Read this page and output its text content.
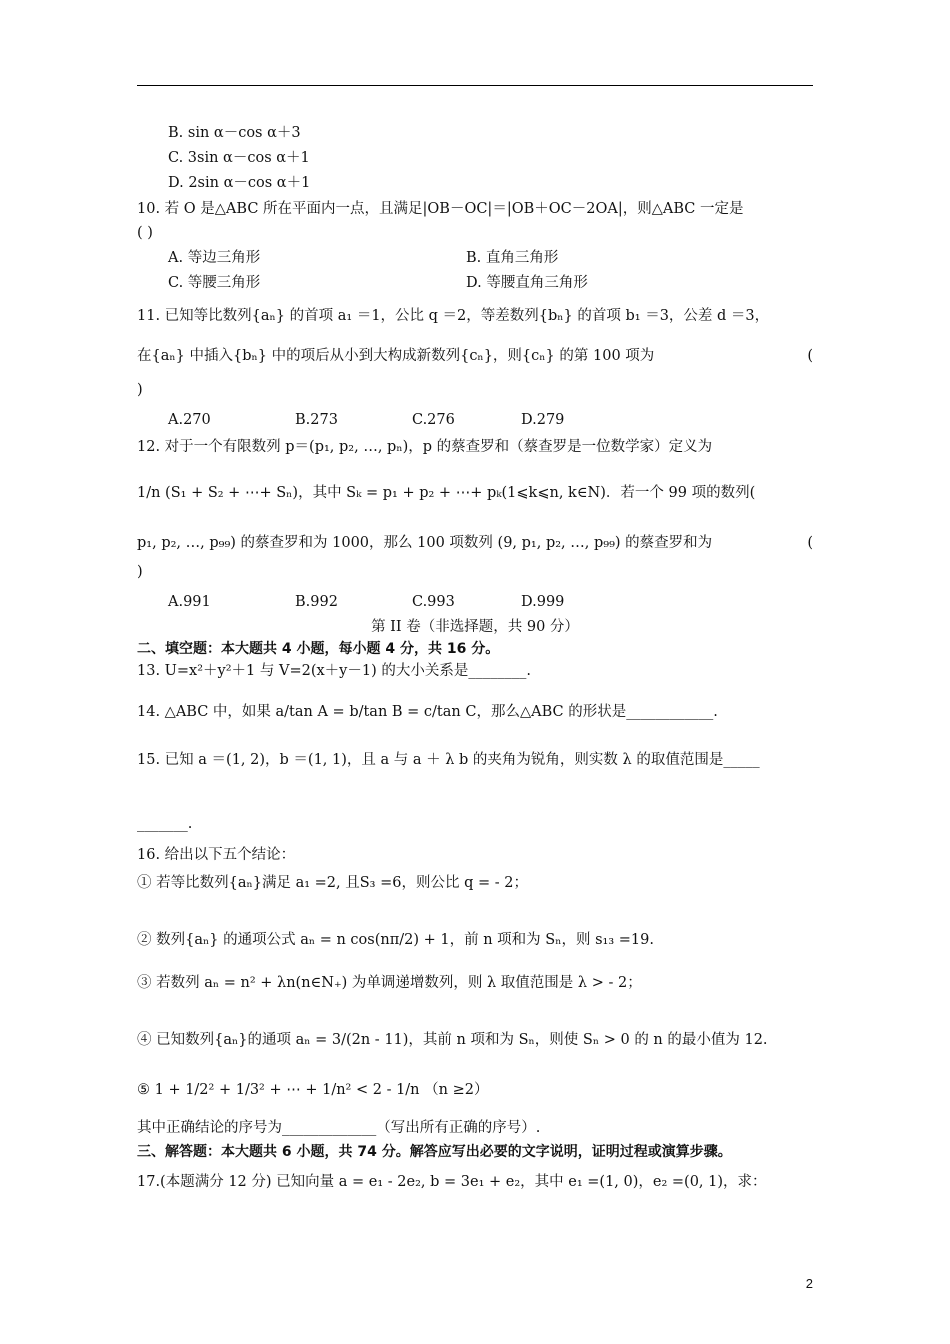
B. sin α－cos α＋3
C. 3sin α－cos α＋1
D. 2sin α－cos α＋1
10. 若 O 是△ABC 所在平面内一点，且满足|OB－OC|＝|OB＋OC－2OA|，则△ABC 一定是
( )
A. 等边三角形	B. 直角三角形
C. 等腰三角形	D. 等腰直角三角形
11. 已知等比数列{aₙ} 的首项 a₁ ＝1，公比 q ＝2，等差数列{bₙ} 的首项 b₁ ＝3，公差 d ＝3，
在{aₙ} 中插入{bₙ} 中的项后从小到大构成新数列{cₙ}，则{cₙ} 的第 100 项为	(
)
A.270	B.273	C.276	D.279
12. 对于一个有限数列 p＝(p₁, p₂, …, pₙ)，p 的蔡查罗和（蔡查罗是一位数学家）定义为
1/n (S₁ + S₂ + ⋯+ Sₙ)，其中 Sₖ = p₁ + p₂ + ⋯+ pₖ(1⩽k⩽n, k∈N)．若一个 99 项的数列(
p₁, p₂, …, p₉₉) 的蔡查罗和为 1000，那么 100 项数列 (9, p₁, p₂, …, p₉₉) 的蔡查罗和为	(
)
A.991	B.992	C.993	D.999
第 II 卷（非选择题，共 90 分）
二、填空题：本大题共 4 小题，每小题 4 分，共 16 分。
13. U=x²＋y²＋1 与 V=2(x＋y－1) 的大小关系是________.
14. △ABC 中，如果 a/tan A = b/tan B = c/tan C，那么△ABC 的形状是____________.
15. 已知 a ＝(1, 2)，b ＝(1, 1)，且 a 与 a ＋ λ b 的夹角为锐角，则实数 λ 的取值范围是_____
_______.
16. 给出以下五个结论：
① 若等比数列{aₙ}满足 a₁ =2, 且S₃ =6，则公比 q = - 2；
② 数列{aₙ} 的通项公式 aₙ = n cos(nπ/2) + 1，前 n 项和为 Sₙ，则 s₁₃ =19.
③ 若数列 aₙ = n² + λn(n∈N₊) 为单调递增数列，则 λ 取值范围是 λ > - 2；
④ 已知数列{aₙ}的通项 aₙ = 3/(2n - 11)，其前 n 项和为 Sₙ，则使 Sₙ > 0 的 n 的最小值为 12.
⑤ 1 + 1/2² + 1/3² + ⋯ + 1/n² < 2 - 1/n （n ≥2）
其中正确结论的序号为_____________（写出所有正确的序号）.
三、解答题：本大题共 6 小题，共 74 分。解答应写出必要的文字说明，证明过程或演算步骤。
17.(本题满分 12 分) 已知向量 a = e₁ - 2e₂, b = 3e₁ + e₂，其中 e₁ =(1, 0)，e₂ =(0, 1)，求：
2
